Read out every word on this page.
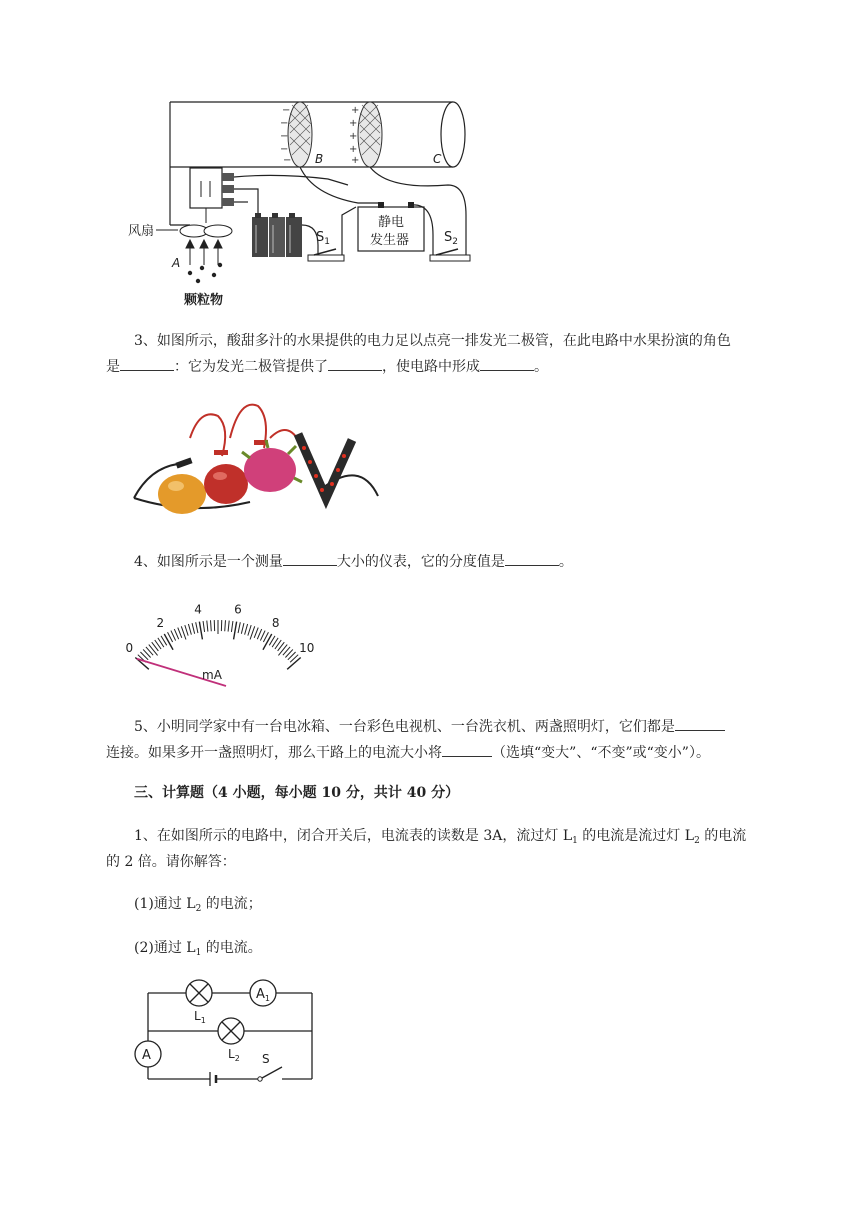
−
−
−
−
−
+
+
+
+
+
B	C
风扇
A
颗粒物
$S_1$
静电
发生器	$S_2$
3、如图所示，酸甜多汁的水果提供的电力足以点亮一排发光二极管，在此电路中水果扮演的角色
是	：它为发光二极管提供了	，使电路中形成	。
4、如图所示是一个测量	大小的仪表，它的分度值是	。
0
2
4	6
8
10
mA
5、小明同学家中有一台电冰箱、一台彩色电视机、一台洗衣机、两盏照明灯，它们都是
连接。如果多开一盏照明灯，那么干路上的电流大小将	（选填“变大”、“不变”或“变小”）。
三、计算题（4 小题，每小题 10 分，共计 40 分）
1、在如图所示的电路中，闭合开关后，电流表的读数是 3A，流过灯 $L_1$ 的电流是流过灯 $L_2$ 的电流
的 2 倍。请你解答：
(1)通过 $L_2$ 的电流；
(2)通过 $L_1$ 的电流。
$L_1$
$A_1$
$L_2$
A	S
